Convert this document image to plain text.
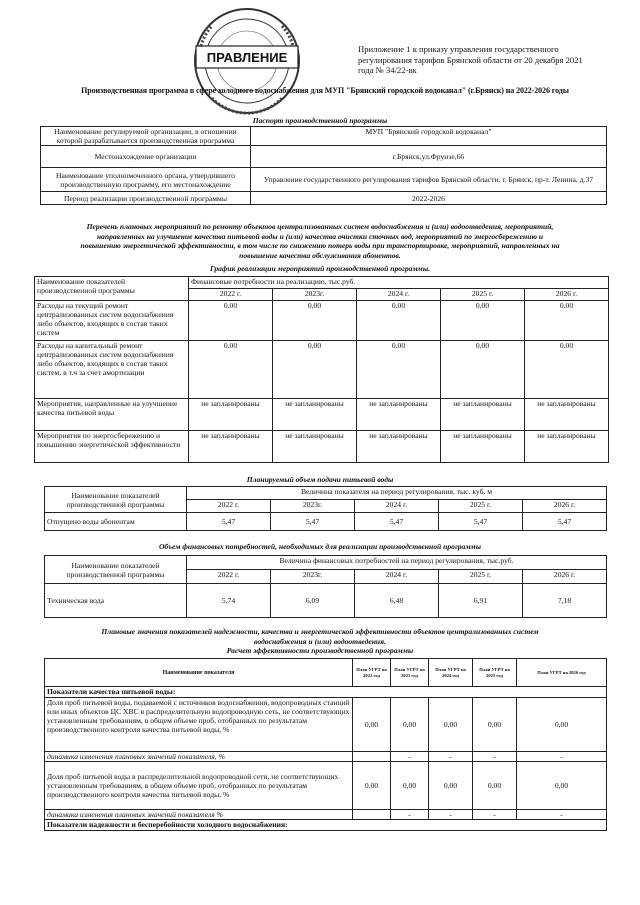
ПРАВЛЕНИЕ
Приложение 1 к приказу управления государственного
регулирования тарифов Брянской области от 20 декабря 2021
года № 34/22-вк
Производственная программа в сфере холодного водоснабжения для МУП "Брянский городской водоканал" (г.Брянск) на 2022-2026 годы
Паспорт производственной программы
Наименование регулируемой организации, в отношении которой разрабатывается производственная программа	МУП "Брянский городской водоканал"
Местонахождение организации	г.Брянск,ул.Фрунзе,66
Наименование уполномоченного органа, утвердившего производственную программу, его местонахождение	Управление государственного регулирования тарифов Брянской области, г. Брянск, пр-т. Ленина, д.37
Период реализации производственной программы	2022-2026
Перечень плановых мероприятий по ремонту объектов централизованных систем водоснабжения и (или) водоотведения, мероприятий,
направленных на улучшение качества питьевой воды и (или) качества очистки сточных вод, мероприятий по энергосбережению и
повышению энергетической эффективности, в том числе по снижению потерь воды при транспортировке, мероприятий, направленных на
повышение качества обслуживания абонентов.
График реализации мероприятий производственной программы.
Наименование показателей производственной программы	Финансовые потребности на реализацию, тыс.руб.				
	2022 г.	2023г.	2024 г.	2025 г.	2026 г.
Расходы на текущий ремонт централизованных систем водоснабжения либо объектов, входящих в состав таких систем	0,00	0,00	0,00	0,00	0,00
Расходы на капитальный ремонт централизованных систем водоснабжения либо объектов, входящих в состав таких систем, в т.ч за счет амортизации	0,00	0,00	0,00	0,00	0,00
Мероприятия, направленные на улучшение качества питьевой воды	не запланированы	не запланированы	не запланированы	не запланированы	не запланированы
Мероприятия по энергосбережению и повышению энергетической эффективности	не запланированы	не запланированы	не запланированы	не запланированы	не запланированы
Планируемый объем подачи питьевой воды
Наименование показателей производственной программы	Величина показателя на период регулирования, тыс. куб. м				
	2022 г.	2023г.	2024 г.	2025 г.	2026 г.
Отпущено воды абонентам	5,47	5,47	5,47	5,47	5,47
Объем финансовых потребностей, необходимых для реализации производственной программы
Наименование показателей производственной программы	Величина финансовых потребностей на период регулирования, тыс.руб.				
	2022 г.	2023г.	2024 г.	2025 г.	2026 г.
Техническая вода	5,74	6,09	6,48	6,91	7,18
Плановые значения показателей надежности, качества и энергетической эффективности объектов централизованных систем
водоснабжения и (или) водоотведения.
Расчет эффективности производственной программы
Наименование показателя	План УГРТ на 2022 год	План УГРТ на 2023 год	План УГРТ на 2024 год	План УГРТ на 2025 год	План УГРТ на 2026 год
Показатели качества питьевой воды:					
Доля проб питьевой воды, подаваемой с источников водоснабжения, водопроводных станций или иных объектов ЦС ХВС в распределительную водопроводную сеть, не соответствующих установленным требованиям, в общем объеме проб, отобранных по результатам производственного контроля качества питьевой воды, %	0,00	0,00	0,00	0,00	0,00
динамика изменения плановых значений показателя, %		-	-	-	-
Доля проб питьевой воды в распределительной водопроводной сети, не соответствующих установленным требованиям, в общем объеме проб, отобранных по результатам производственного контроля качества питьевой воды, %	0,00	0,00	0,00	0,00	0,00
динамика изменения плановых значений показателя %		-	-	-	-
Показатели надежности и бесперебойности холодного водоснабжения:					
